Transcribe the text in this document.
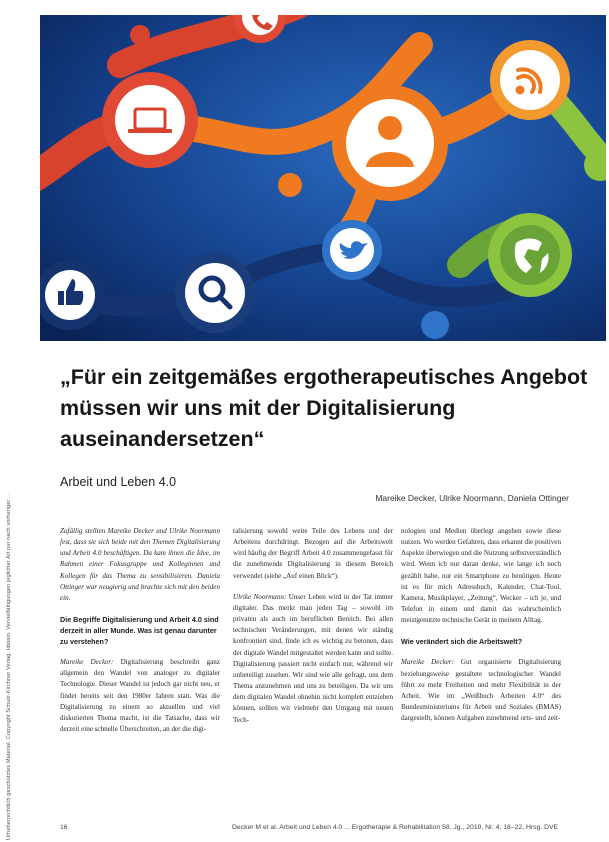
Urheberrechtlich geschütztes Material. Copyright Schulz-Kirchner Verlag. Idstein. Vervielfältigungen jeglicher Art nur nach vorheriger ...
„Für ein zeitgemäßes ergotherapeutisches Angebot müssen wir uns mit der Digitalisierung auseinandersetzen“
Arbeit und Leben 4.0
Mareike Decker, Ulrike Noormann, Daniela Ottinger

Zufällig stellten Mareike Decker und Ulrike Noormann fest, dass sie sich beide mit den Themen Digitalisierung und Arbeit 4.0 beschäftigen. Da kam ihnen die Idee, im Rahmen einer Fokusgruppe und Kolleginnen und Kollegen für das Thema zu sensibilisieren. Daniela Ottinger war neugierig und brachte sich mit den beiden ein.

Die Begriffe Digitalisierung und Arbeit 4.0 sind derzeit in aller Munde. Was ist genau darunter zu verstehen?

Mareike Decker: Digitalisierung beschreibt ganz allgemein den Wandel von analoger zu digitaler Technologie. Dieser Wandel ist jedoch gar nicht neu, er findet bereits seit den 1980er Jahren statt. Was die Digitalisierung zu einem so aktuellen und viel diskutierten Thema macht, ist die Tatsache, dass wir derzeit eine schnelle Überschreiten, an der die digi-

talisierung sowohl weite Teile des Lebens und der Arbeitens durchdringt. Bezogen auf die Arbeitswelt wird häufig der Begriff Arbeit 4.0 zusammengefasst für die zunehmende Digitalisierung in diesem Bereich verwendet (siehe „Auf einen Blick“).

Ulrike Noormann: Unser Leben wird in der Tat immer digitaler. Das merkt man jeden Tag – sowohl im privaten als auch im beruflichen Bereich. Bei allen technischen Veränderungen, mit denen wir ständig konfrontiert sind, finde ich es wichtig zu betonen, dass der digitale Wandel mitgestaltet werden kann und sollte. Digitalisierung passiert nicht einfach nur, während wir unbeteiligt zusehen. Wir sind wie alle gefragt, uns dem Thema anzunehmen und uns zu beteiligen. Da wir uns dem digitalen Wandel ohnehin nicht komplett entziehen können, sollten wir vielmehr den Umgang mit neuen Tech-

nologien und Medien überlegt angehen sowie diese nutzen. Wo werden Gefahren, dass erkannt die positiven Aspekte überwiegen und die Nutzung selbstverständlich wird. Wenn ich nur daran denke, wie lange ich noch gezählt habe, nur ein Smartphone zu benötigen. Heute ist es für mich Adressbuch, Kalender, Chat-Tool, Kamera, Musikplayer, „Zeitung“, Wecker – ich je, und Telefon in einem und damit das wahrscheinlich meistgenutzte technische Gerät in meinem Alltag.

Wie verändert sich die Arbeitswelt?

Mareike Decker: Gut organisierte Digitalisierung beziehungsweise gestaltete technologischer Wandel führt zu mehr Freiheiten und mehr Flexibilität in der Arbeit. Wie im „Weißbuch Arbeiten 4.0“ des Bundesministeriums für Arbeit und Soziales (BMAS) dargestellt, können Aufgaben zunehmend orts- und zeit-

16	Decker M et al. Arbeit und Leben 4.0 ... Ergotherapie & Rehabilitation 58. Jg., 2019, Nr. 4, 18–22, Hrsg. DVE
